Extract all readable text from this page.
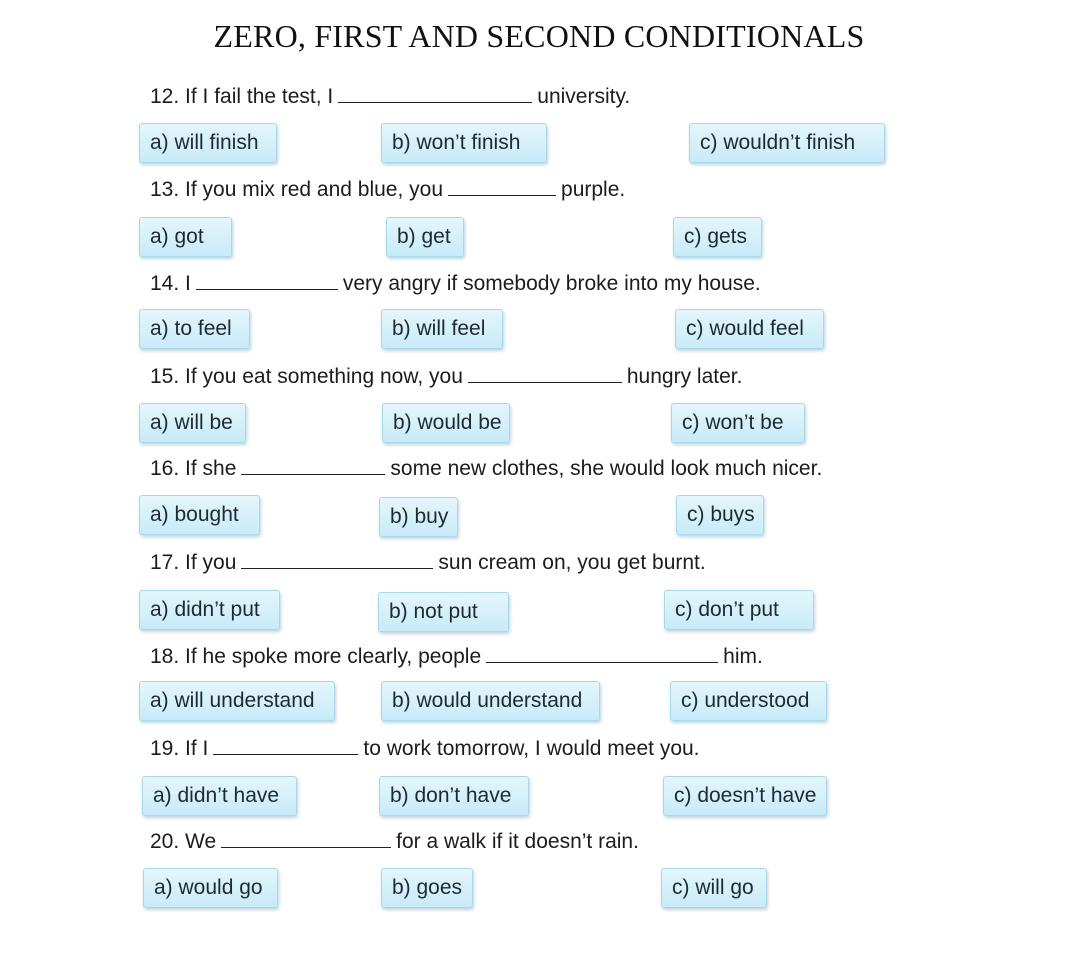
ZERO, FIRST AND SECOND CONDITIONALS
12. If I fail the test, I	university.
a) will finish	b) won’t finish	c) wouldn’t finish
13. If you mix red and blue, you	purple.
a) got	b) get	c) gets
14. I	very angry if somebody broke into my house.
a) to feel	b) will feel	c) would feel
15. If you eat something now, you	hungry later.
a) will be	b) would be	c) won’t be
16. If she	some new clothes, she would look much nicer.
a) bought	b) buy	c) buys
17. If you	sun cream on, you get burnt.
a) didn’t put	b) not put	c) don’t put
18. If he spoke more clearly, people	him.
a) will understand	b) would understand	c) understood
19. If I	to work tomorrow, I would meet you.
a) didn’t have	b) don’t have	c) doesn’t have
20. We	for a walk if it doesn’t rain.
a) would go	b) goes	c) will go
